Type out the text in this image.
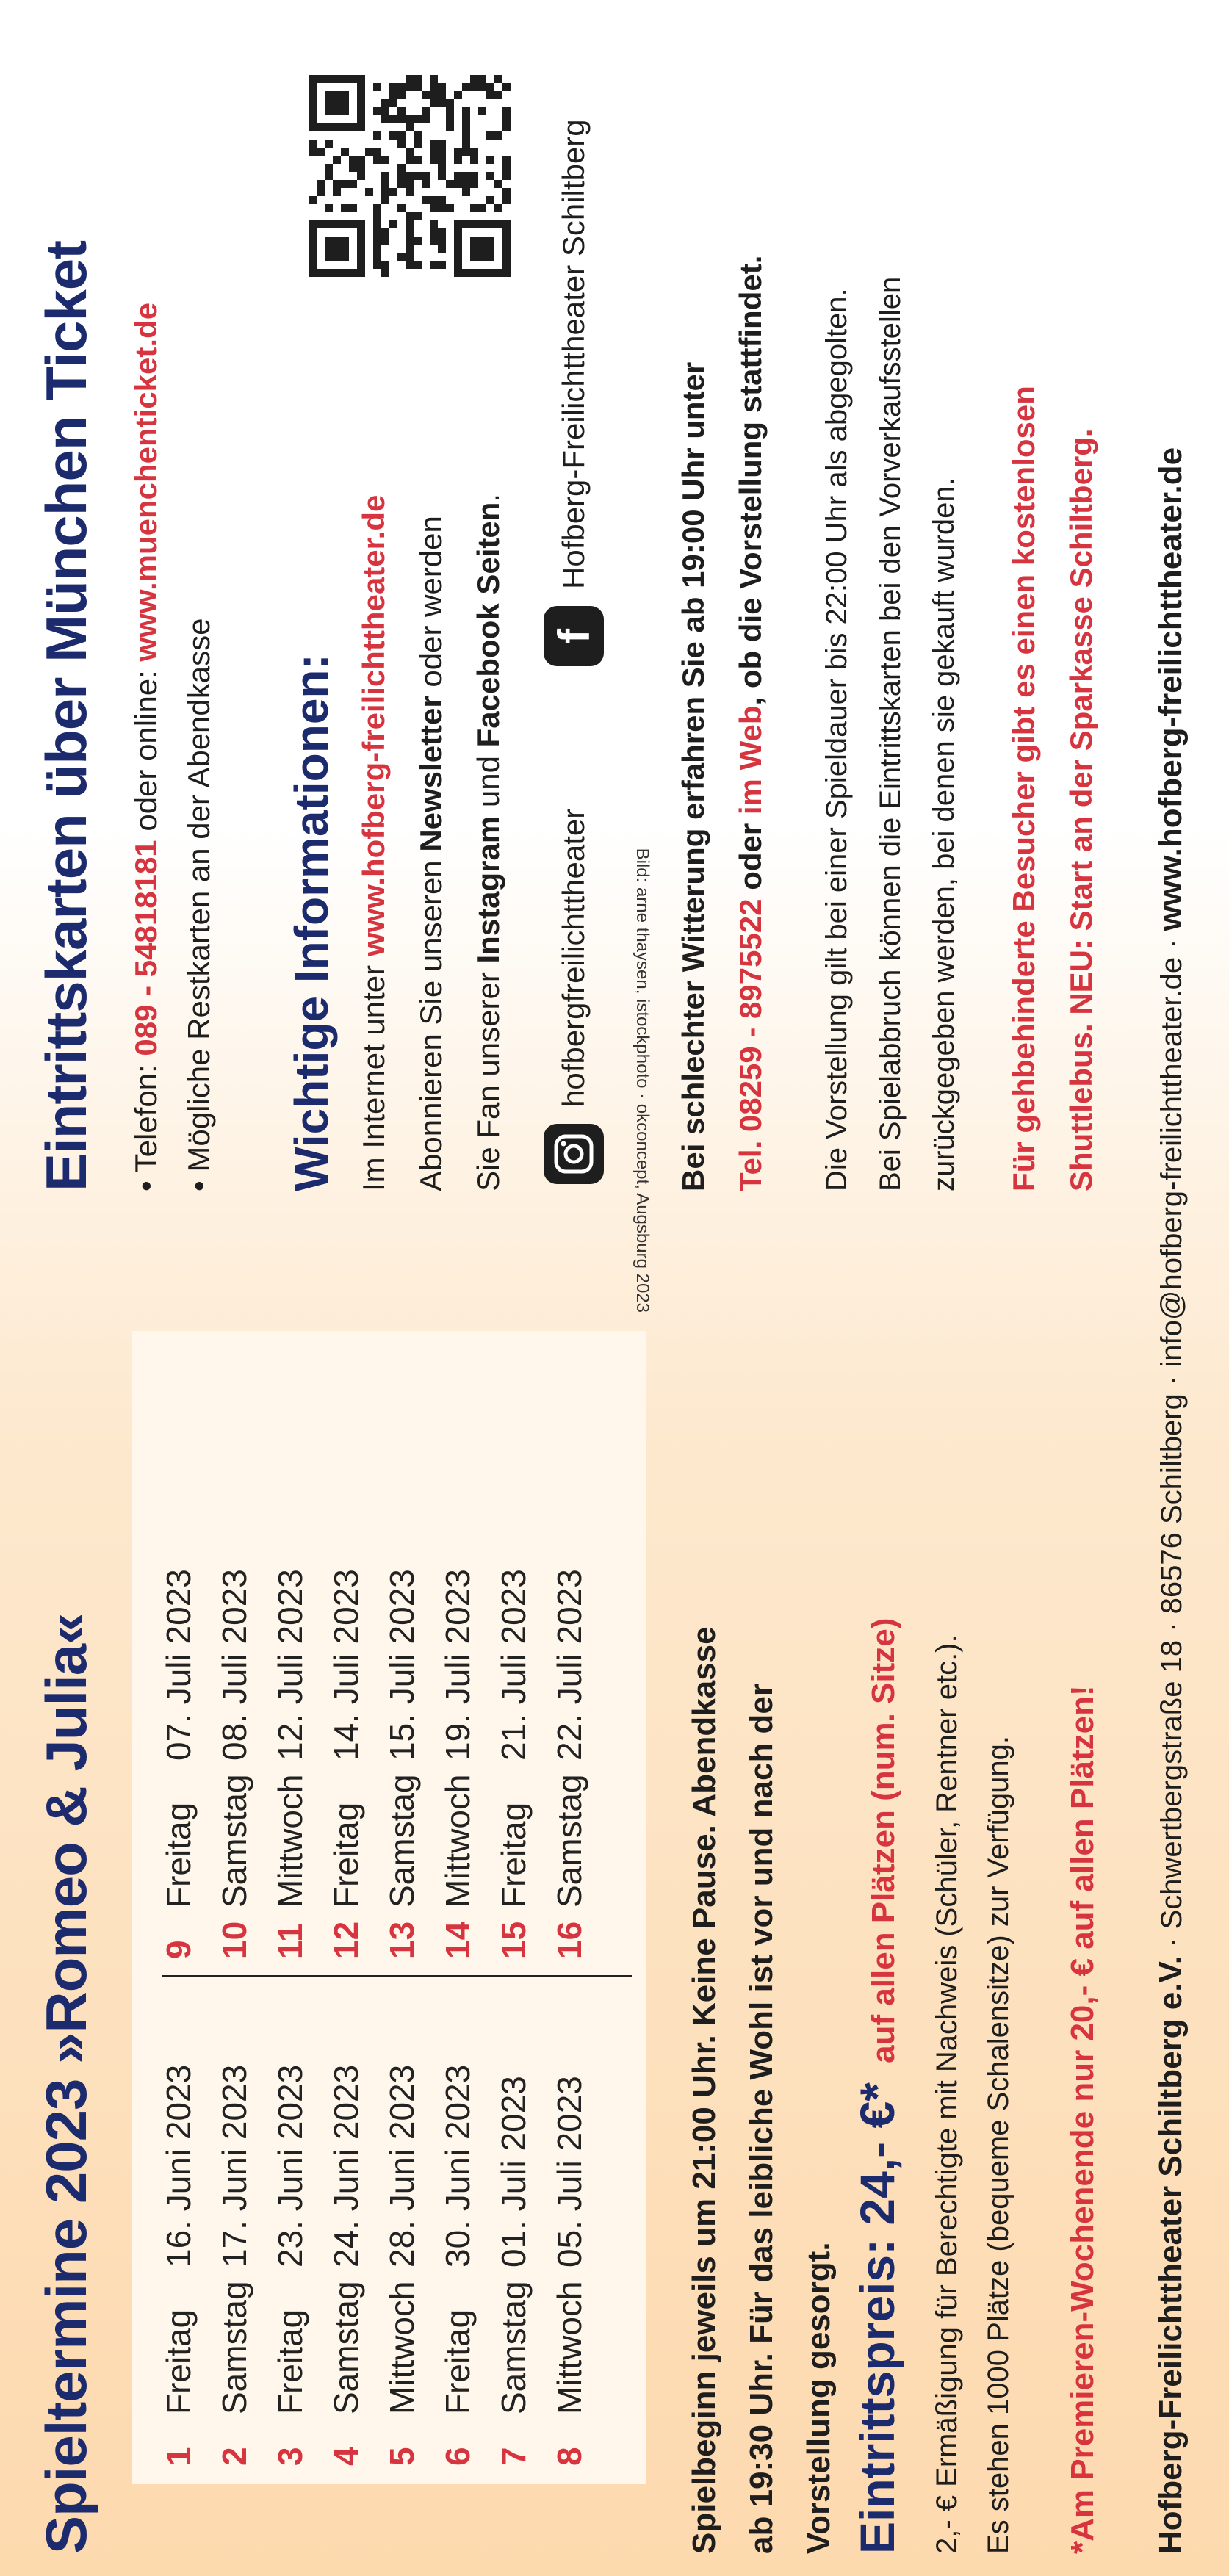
Spieltermine 2023 »Romeo & Julia« 1	Freitag	16. Juni 2023	9	Freitag	07. Juli 2023
2	Samstag	17. Juni 2023	10	Samstag	08. Juli 2023
3	Freitag	23. Juni 2023	11	Mittwoch	12. Juli 2023
4	Samstag	24. Juni 2023	12	Freitag	14. Juli 2023
5	Mittwoch	28. Juni 2023	13	Samstag	15. Juli 2023
6	Freitag	30. Juni 2023	14	Mittwoch	19. Juli 2023
7	Samstag	01. Juli 2023	15	Freitag	21. Juli 2023
8	Mittwoch	05. Juli 2023	16	Samstag	22. Juli 2023
Bild: arne thaysen, istockphoto · okconcept, Augsburg 2023
Spielbeginn jeweils um 21:00 Uhr. Keine Pause. Abendkasse ab 19:30 Uhr. Für das leibliche Wohl ist vor und nach der Vorstellung gesorgt. Eintrittspreis: 24,- €* auf allen Plätzen (num. Sitze)	2,- € Ermäßigung für Berechtigte mit Nachweis (Schüler, Rentner etc.). Es stehen 1000 Plätze (bequeme Schalensitze) zur Verfügung.	*Am Premieren-Wochenende nur 20,- € auf allen Plätzen!
Eintrittskarten über München Ticket • Telefon: 089 - 54818181 oder online: www.muenchenticket.de
• Mögliche Restkarten an der Abendkasse Wichtige Informationen: Im Internet unter www.hofberg-freilichttheater.de
Abonnieren Sie unseren Newsletter oder werden
Sie Fan unserer Instagram und Facebook Seiten.
hofbergfreilichttheater
f
Hofberg-Freilichttheater Schiltberg
Bei schlechter Witterung erfahren Sie ab 19:00 Uhr unter Tel. 08259 - 8975522 oder im Web, ob die Vorstellung stattfindet.	Die Vorstellung gilt bei einer Spieldauer bis 22:00 Uhr als abgegolten. Bei Spielabbruch können die Eintrittskarten bei den Vorverkaufsstellen zurückgegeben werden, bei denen sie gekauft wurden.	Für gehbehinderte Besucher gibt es einen kostenlosen Shuttlebus. NEU: Start an der Sparkasse Schiltberg.
Hofberg-Freilichttheater Schiltberg e.V. · Schwertbergstraße 18 · 86576 Schiltberg · info@hofberg-freilichttheater.de · www.hofberg-freilichttheater.de
